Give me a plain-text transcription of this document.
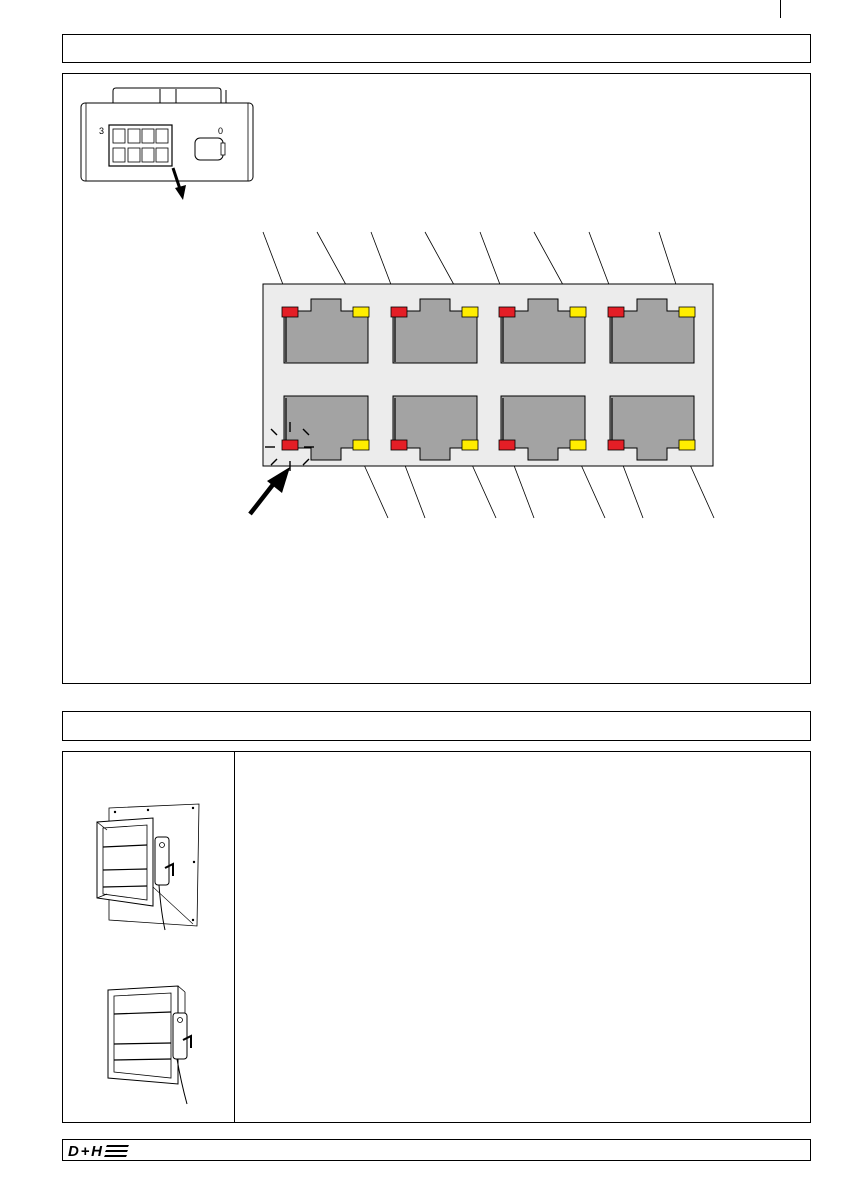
3	0
D+H
